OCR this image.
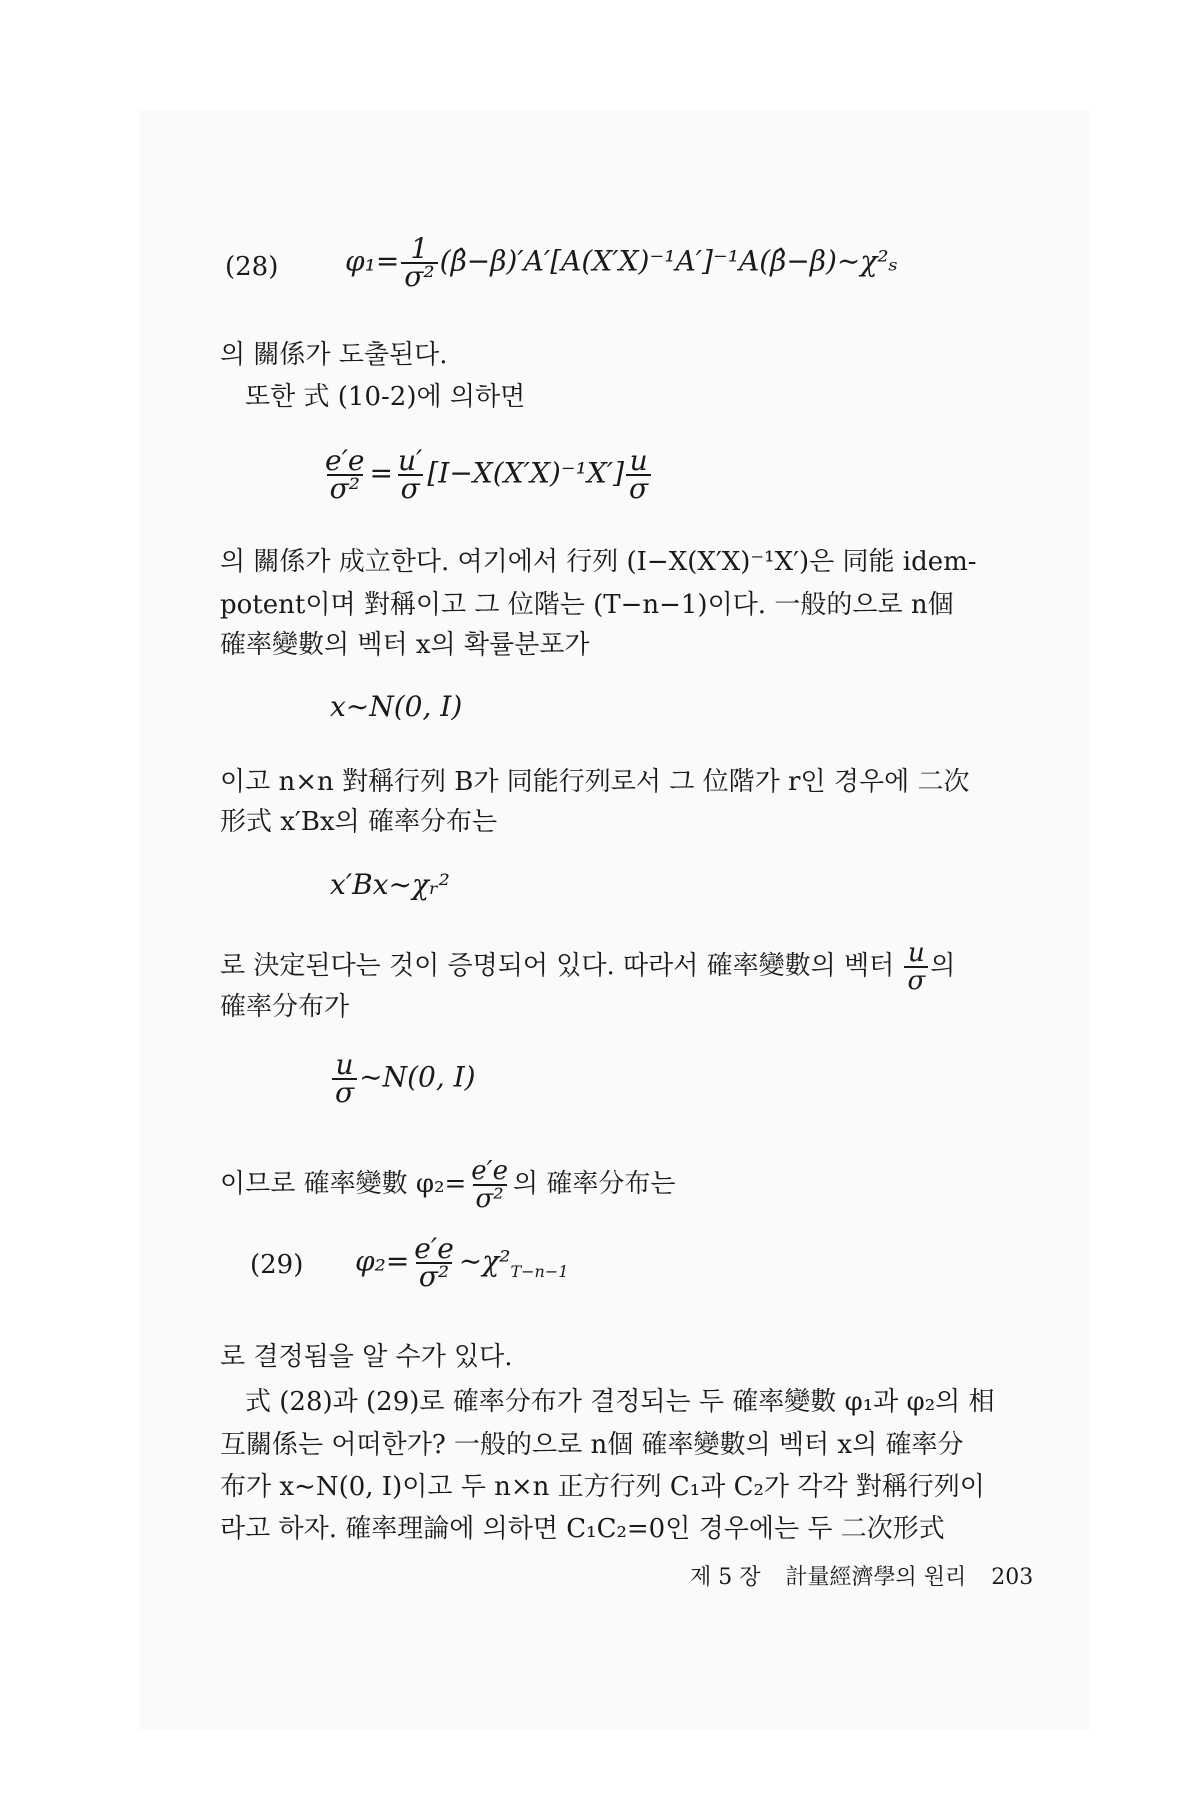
(28) $\varphi_1= \frac{1}{\text{σ²}}$ (β̂−β)′A′[A(X′X)⁻¹A′]⁻¹A(β̂−β)∼χ²ₛ
의 關係가 도출된다.
또한 式 (10-2)에 의하면
$\frac{e'e}{\text{σ²}} = \frac{u'}{\sigma} [I-X(X'X)^{-1}X'] \frac{u}{\sigma}$
의 關係가 成立한다. 여기에서 行列 (I−X(X′X)⁻¹X′)은 同能 idem-
potent이며 對稱이고 그 位階는 (T−n−1)이다. 一般的으로 n個
確率變數의 벡터 x의 확률분포가
x∼N(0, I)
이고 n×n 對稱行列 B가 同能行列로서 그 位階가 r인 경우에 二次
形式 x′Bx의 確率分布는
x′Bx∼χᵣ²
로 決定된다는 것이 증명되어 있다. 따라서 確率變數의 벡터 $\frac{u}{\sigma}$ 의
確率分布가
$\frac{u}{\sigma}$ ∼N(0, I)
이므로 確率變數 $\varphi_2= \frac{e'e}{\text{σ²}}$ 의 確率分布는
(29) $\varphi_2= \frac{e'e}{\text{σ²}}$ $\sim\chi^2_{T-n-1}$
로 결정됨을 알 수가 있다.
式 (28)과 (29)로 確率分布가 결정되는 두 確率變數 φ₁과 φ₂의 相
互關係는 어떠한가? 一般的으로 n個 確率變數의 벡터 x의 確率分
布가 x∼N(0, I)이고 두 n×n 正方行列 C₁과 C₂가 각각 對稱行列이
라고 하자. 確率理論에 의하면 C₁C₂=0인 경우에는 두 二次形式
제 5 장 計量經濟學의 원리 203
